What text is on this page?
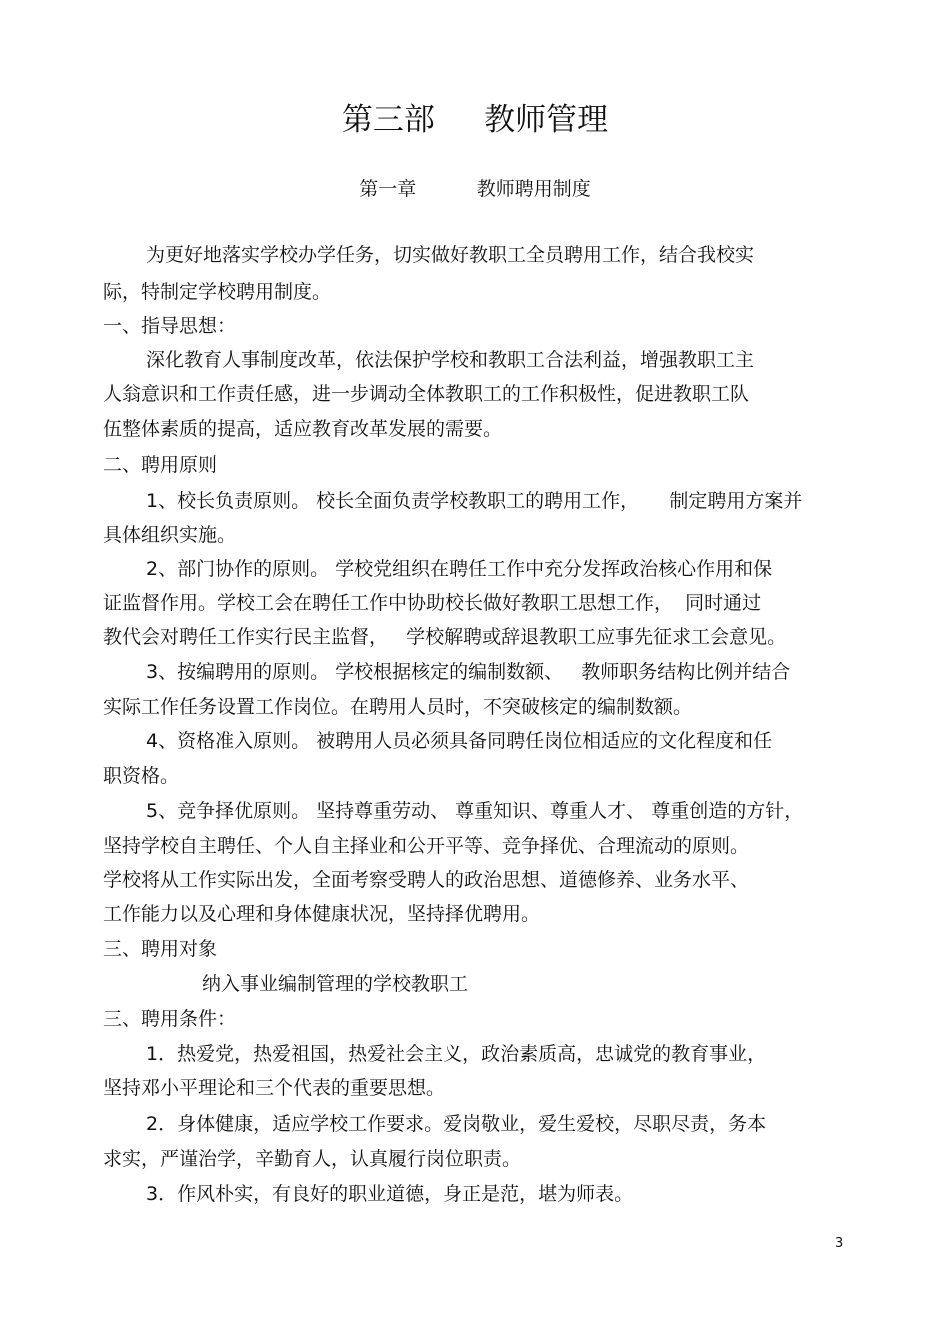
第三部     教师管理
第一章          教师聘用制度
为更好地落实学校办学任务，切实做好教职工全员聘用工作，结合我校实
际，特制定学校聘用制度。
一、指导思想：
深化教育人事制度改革，依法保护学校和教职工合法利益，增强教职工主
人翁意识和工作责任感，进一步调动全体教职工的工作积极性，促进教职工队
伍整体素质的提高，适应教育改革发展的需要。
二、聘用原则
1、校长负责原则。 校长全面负责学校教职工的聘用工作，     制定聘用方案并
具体组织实施。
2、部门协作的原则。 学校党组织在聘任工作中充分发挥政治核心作用和保
证监督作用。学校工会在聘任工作中协助校长做好教职工思想工作，  同时通过
教代会对聘任工作实行民主监督，   学校解聘或辞退教职工应事先征求工会意见。
3、按编聘用的原则。 学校根据核定的编制数额、   教师职务结构比例并结合
实际工作任务设置工作岗位。在聘用人员时，不突破核定的编制数额。
4、资格准入原则。 被聘用人员必须具备同聘任岗位相适应的文化程度和任
职资格。
5、竞争择优原则。 坚持尊重劳动、 尊重知识、尊重人才、 尊重创造的方针，
坚持学校自主聘任、个人自主择业和公开平等、竞争择优、合理流动的原则。
学校将从工作实际出发，全面考察受聘人的政治思想、道德修养、业务水平、
工作能力以及心理和身体健康状况，坚持择优聘用。
三、聘用对象
纳入事业编制管理的学校教职工
三、聘用条件：
1．热爱党，热爱祖国，热爱社会主义，政治素质高，忠诚党的教育事业，
坚持邓小平理论和三个代表的重要思想。
2．身体健康，适应学校工作要求。爱岗敬业，爱生爱校，尽职尽责，务本
求实，严谨治学，辛勤育人，认真履行岗位职责。
3．作风朴实，有良好的职业道德，身正是范，堪为师表。
3
